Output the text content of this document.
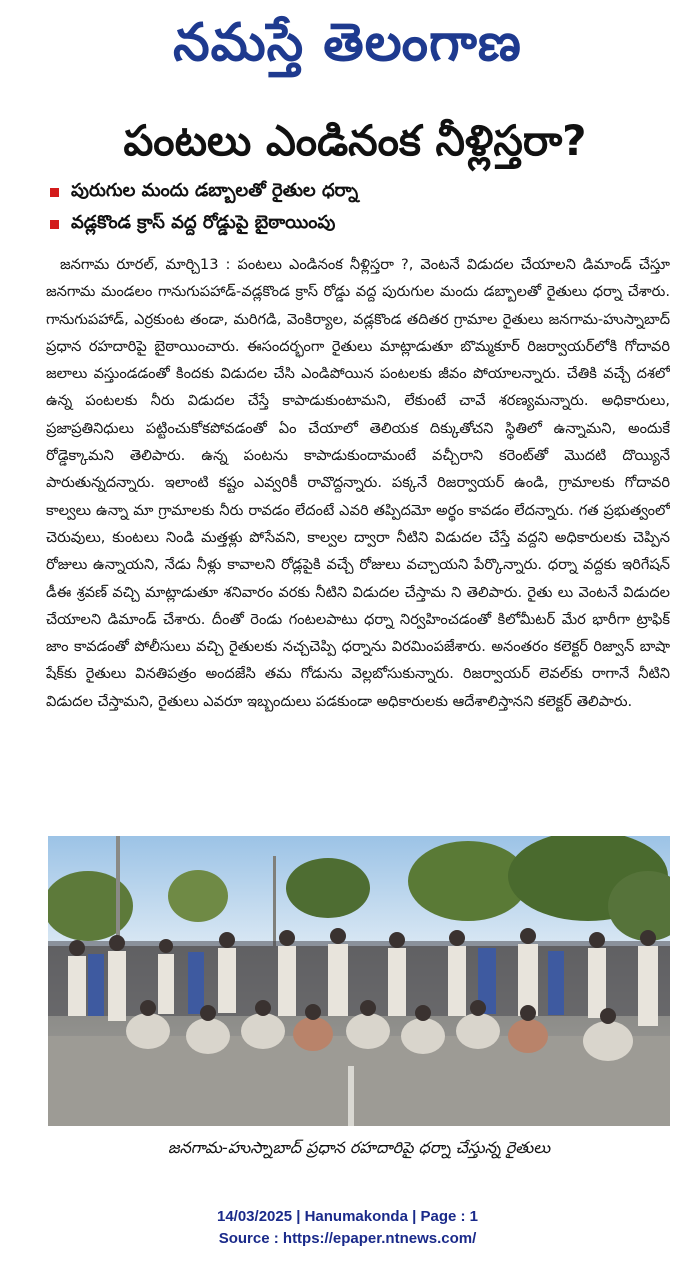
నమస్తే తెలంగాణ
పంటలు ఎండినంక నీళ్లిస్తరా?
పురుగుల మందు డబ్బాలతో రైతుల ధర్నా
వడ్లకొండ క్రాస్ వద్ద రోడ్డుపై బైఠాయింపు
జనగామ రూరల్, మార్చి13 : పంటలు ఎండినంక నీళ్లిస్తరా ?, వెంటనే విడుదల చేయాలని డిమాండ్ చేస్తూ జనగామ మండలం గానుగుపహాడ్-వడ్లకొండ క్రాస్ రోడ్డు వద్ద పురుగుల మందు డబ్బాలతో రైతులు ధర్నా చేశారు. గానుగుపహాడ్, ఎర్రకుంట తండా, మరిగడి, వెంకిర్యాల, వడ్లకొండ తదితర గ్రామాల రైతులు జనగామ-హుస్నాబాద్ ప్రధాన రహదారిపై బైఠాయించారు. ఈసందర్భంగా రైతులు మాట్లాడుతూ బొమ్మకూర్ రిజర్వాయర్‌లోకి గోదావరి జలాలు వస్తుండడంతో కిందకు విడుదల చేసి ఎండిపోయిన పంటలకు జీవం పోయాలన్నారు. చేతికి వచ్చే దశలో ఉన్న పంటలకు నీరు విడుదల చేస్తే కాపాడుకుంటామని, లేకుంటే చావే శరణ్యమన్నారు. అధికారులు, ప్రజాప్రతినిధులు పట్టించుకోకపోవడంతో ఏం చేయాలో తెలియక దిక్కుతోచని స్థితిలో ఉన్నామని, అందుకే రోడ్డెక్కామని తెలిపారు. ఉన్న పంటను కాపాడుకుందామంటే వచ్చీరాని కరెంట్‌తో మొదటి దొయ్యినే పారుతున్నదన్నారు. ఇలాంటి కష్టం ఎవ్వరికీ రావొద్దన్నారు. పక్కనే రిజర్వాయర్ ఉండి, గ్రామాలకు గోదావరి కాల్వలు ఉన్నా మా గ్రామాలకు నీరు రావడం లేదంటే ఎవరి తప్పిదమో అర్థం కావడం లేదన్నారు. గత ప్రభుత్వంలో చెరువులు, కుంటలు నిండి మత్తళ్లు పోసేవని, కాల్వల ద్వారా నీటిని విడుదల చేస్తే వద్దని అధికారులకు చెప్పిన రోజులు ఉన్నాయని, నేడు నీళ్లు కావాలని రోడ్లపైకి వచ్చే రోజులు వచ్చాయని పేర్కొన్నారు. ధర్నా వద్దకు ఇరిగేషన్ డీఈ శ్రవణ్ వచ్చి మాట్లాడుతూ శనివారం వరకు నీటిని విడుదల చేస్తామ ని తెలిపారు. రైతు లు వెంటనే విడుదల చేయాలని డిమాండ్ చేశారు. దీంతో రెండు గంటలపాటు ధర్నా నిర్వహించడంతో కిలోమీటర్ మేర భారీగా ట్రాఫిక్ జాం కావడంతో పోలీసులు వచ్చి రైతులకు నచ్చచెప్పి ధర్నాను విరమింపజేశారు. అనంతరం కలెక్టర్ రిజ్వాన్ బాషా షేక్‌కు రైతులు వినతిపత్రం అందజేసి తమ గోడును వెల్లబోసుకున్నారు. రిజర్వాయర్ లెవల్‌కు రాగానే నీటిని విడుదల చేస్తామని, రైతులు ఎవరూ ఇబ్బందులు పడకుండా అధికారులకు ఆదేశాలిస్తానని కలెక్టర్ తెలిపారు.
జనగామ-హుస్నాబాద్ ప్రధాన రహదారిపై ధర్నా చేస్తున్న రైతులు
14/03/2025 | Hanumakonda | Page : 1
Source : https://epaper.ntnews.com/
